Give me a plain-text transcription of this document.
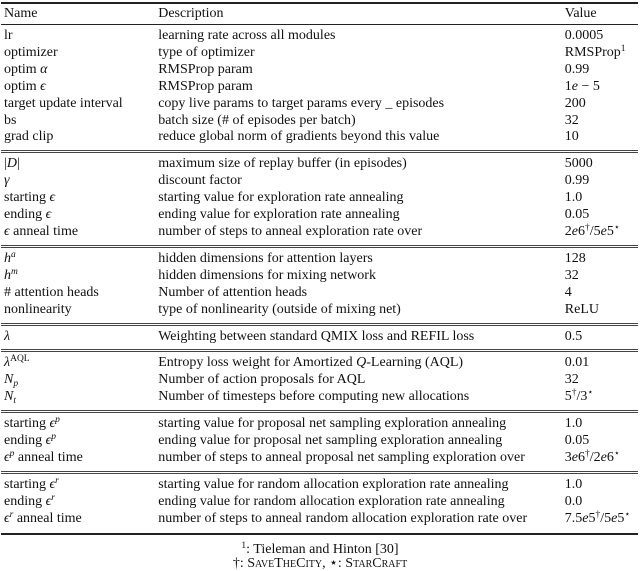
Name	Description	Value
lr	learning rate across all modules	0.0005
optimizer	type of optimizer	RMSProp$^1$
optim α	RMSProp param	0.99
optim ϵ	RMSProp param	1e − 5
target update interval	copy live params to target params every _ episodes	200
bs	batch size (# of episodes per batch)	32
grad clip	reduce global norm of gradients beyond this value	10
|D|	maximum size of replay buffer (in episodes)	5000
γ	discount factor	0.99
starting ϵ	starting value for exploration rate annealing	1.0
ending ϵ	ending value for exploration rate annealing	0.05
ϵ anneal time	number of steps to anneal exploration rate over	2e6†/5e5⋆
$h^a$	hidden dimensions for attention layers	128
$h^m$	hidden dimensions for mixing network	32
# attention heads	Number of attention heads	4
nonlinearity	type of nonlinearity (outside of mixing net)	ReLU
λ	Weighting between standard QMIX loss and REFIL loss	0.5
$\lambda^{AQL}$	Entropy loss weight for Amortized Q-Learning (AQL)	0.01
$N_p$	Number of action proposals for AQL	32
$N_t$	Number of timesteps before computing new allocations	5†/3⋆
starting $\epsilon^p$	starting value for proposal net sampling exploration annealing	1.0
ending $\epsilon^p$	ending value for proposal net sampling exploration annealing	0.05
$\epsilon^p$ anneal time	number of steps to anneal proposal net sampling exploration over	3e6†/2e6⋆
starting $\epsilon^r$	starting value for random allocation exploration rate annealing	1.0
ending $\epsilon^r$	ending value for random allocation exploration rate annealing	0.0
$\epsilon^r$ anneal time	number of steps to anneal random allocation exploration rate over	7.5e5†/5e5⋆
$^1$: Tieleman and Hinton [30]
†: SaveTheCity, ⋆: StarCraft
